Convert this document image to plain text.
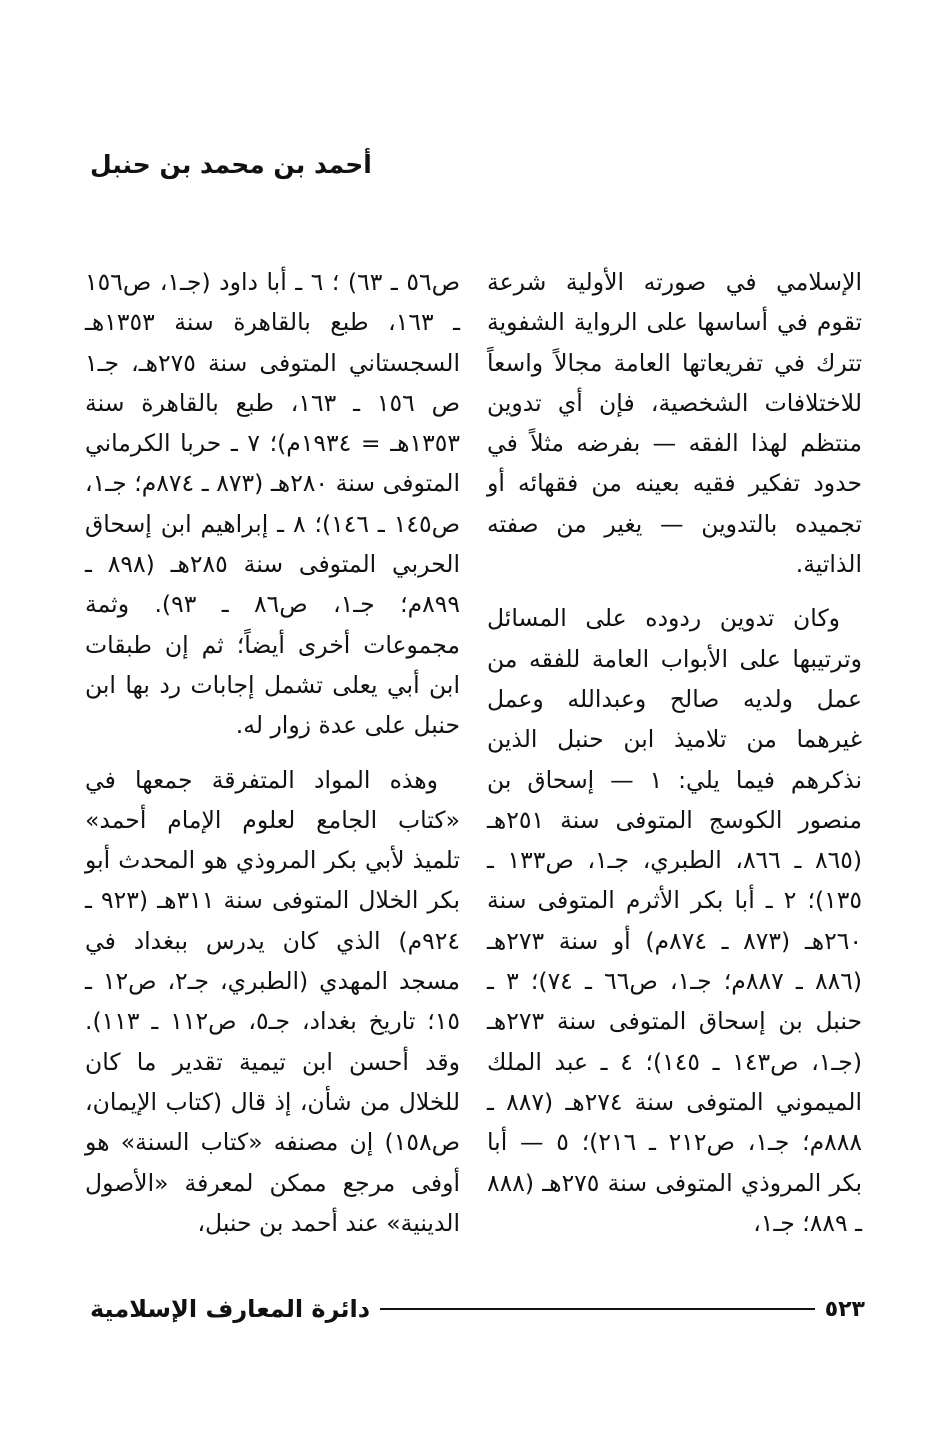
أحمد بن محمد بن حنبل

الإسلامي في صورته الأولية شرعة تقوم في أساسها على الرواية الشفوية تترك في تفريعاتها العامة مجالاً واسعاً للاختلافات الشخصية، فإن أي تدوين منتظم لهذا الفقه — بفرضه مثلاً في حدود تفكير فقيه بعينه من فقهائه أو تجميده بالتدوين — يغير من صفته الذاتية.

وكان تدوين ردوده على المسائل وترتيبها على الأبواب العامة للفقه من عمل ولديه صالح وعبدالله وعمل غيرهما من تلاميذ ابن حنبل الذين نذكرهم فيما يلي: ١ — إسحاق بن منصور الكوسج المتوفى سنة ٢٥١هـ (٨٦٥ ـ ٨٦٦، الطبري، جـ١، ص١٣٣ ـ ١٣٥)؛ ٢ ـ أبا بكر الأثرم المتوفى سنة ٢٦٠هـ (٨٧٣ ـ ٨٧٤م) أو سنة ٢٧٣هـ (٨٨٦ ـ ٨٨٧م؛ جـ١، ص٦٦ ـ ٧٤)؛ ٣ ـ حنبل بن إسحاق المتوفى سنة ٢٧٣هـ (جـ١، ص١٤٣ ـ ١٤٥)؛ ٤ ـ عبد الملك الميموني المتوفى سنة ٢٧٤هـ (٨٨٧ ـ ٨٨٨م؛ جـ١، ص٢١٢ ـ ٢١٦)؛ ٥ — أبا بكر المروذي المتوفى سنة ٢٧٥هـ (٨٨٨ ـ ٨٨٩؛ جـ١،

ص٥٦ ـ ٦٣) ؛ ٦ ـ أبا داود (جـ١، ص١٥٦ ـ ١٦٣، طبع بالقاهرة سنة ١٣٥٣هـ السجستاني المتوفى سنة ٢٧٥هـ، جـ١ ص ١٥٦ ـ ١٦٣، طبع بالقاهرة سنة ١٣٥٣هـ = ١٩٣٤م)؛ ٧ ـ حربا الكرماني المتوفى سنة ٢٨٠هـ (٨٧٣ ـ ٨٧٤م؛ جـ١، ص١٤٥ ـ ١٤٦)؛ ٨ ـ إبراهيم ابن إسحاق الحربي المتوفى سنة ٢٨٥هـ (٨٩٨ ـ ٨٩٩م؛ جـ١، ص٨٦ ـ ٩٣). وثمة مجموعات أخرى أيضاً؛ ثم إن طبقات ابن أبي يعلى تشمل إجابات رد بها ابن حنبل على عدة زوار له.

وهذه المواد المتفرقة جمعها في «كتاب الجامع لعلوم الإمام أحمد» تلميذ لأبي بكر المروذي هو المحدث أبو بكر الخلال المتوفى سنة ٣١١هـ (٩٢٣ ـ ٩٢٤م) الذي كان يدرس ببغداد في مسجد المهدي (الطبري، جـ٢، ص١٢ ـ ١٥؛ تاريخ بغداد، جـ٥، ص١١٢ ـ ١١٣). وقد أحسن ابن تيمية تقدير ما كان للخلال من شأن، إذ قال (كتاب الإيمان، ص١٥٨) إن مصنفه «كتاب السنة» هو أوفى مرجع ممكن لمعرفة «الأصول الدينية» عند أحمد بن حنبل،

دائرة المعارف الإسلامية	٥٢٣
